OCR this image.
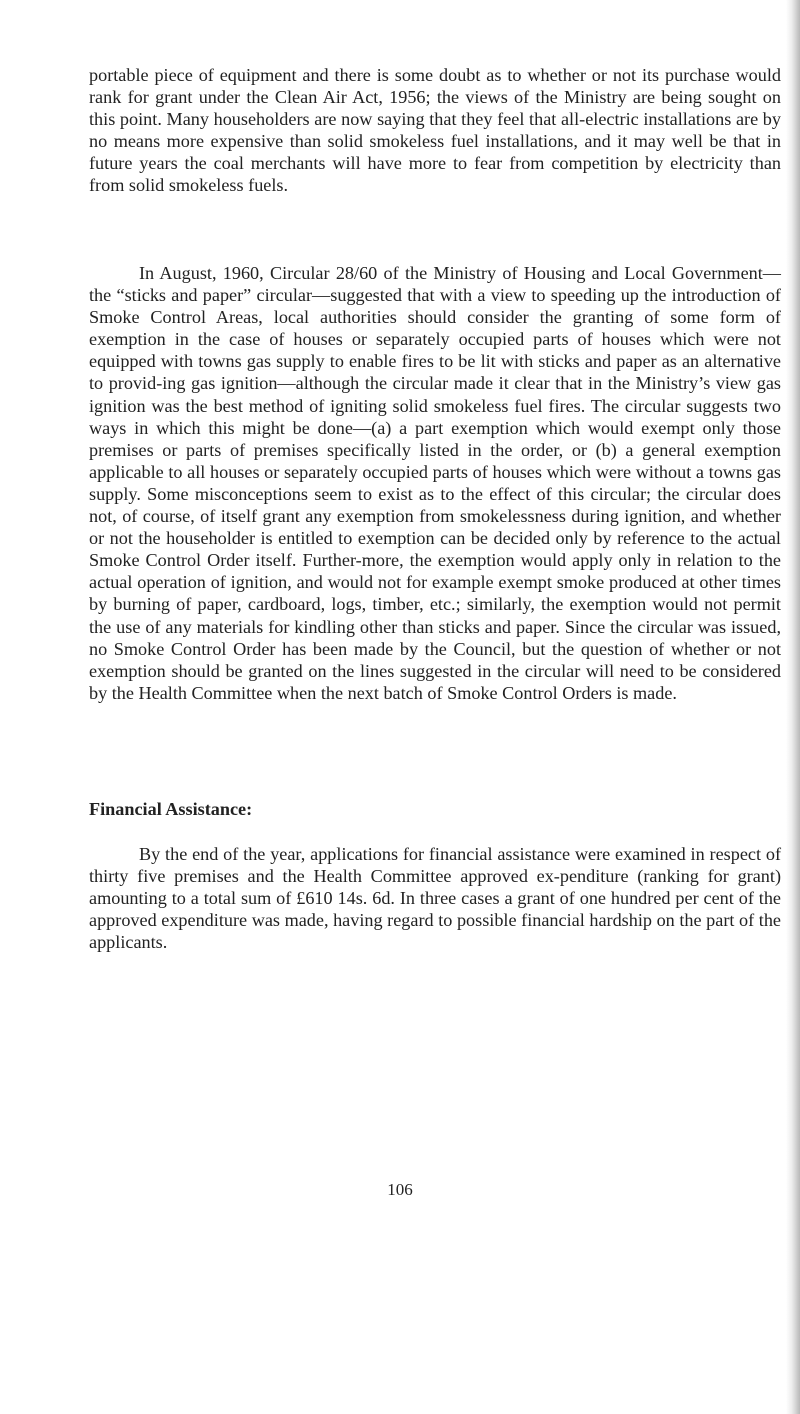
portable piece of equipment and there is some doubt as to whether or not its purchase would rank for grant under the Clean Air Act, 1956; the views of the Ministry are being sought on this point. Many householders are now saying that they feel that all-electric installations are by no means more expensive than solid smokeless fuel installations, and it may well be that in future years the coal merchants will have more to fear from competition by electricity than from solid smokeless fuels.

In August, 1960, Circular 28/60 of the Ministry of Housing and Local Government—the “sticks and paper” circular—suggested that with a view to speeding up the introduction of Smoke Control Areas, local authorities should consider the granting of some form of exemption in the case of houses or separately occupied parts of houses which were not equipped with towns gas supply to enable fires to be lit with sticks and paper as an alternative to provid-ing gas ignition—although the circular made it clear that in the Ministry’s view gas ignition was the best method of igniting solid smokeless fuel fires. The circular suggests two ways in which this might be done—(a) a part exemption which would exempt only those premises or parts of premises specifically listed in the order, or (b) a general exemption applicable to all houses or separately occupied parts of houses which were without a towns gas supply. Some misconceptions seem to exist as to the effect of this circular; the circular does not, of course, of itself grant any exemption from smokelessness during ignition, and whether or not the householder is entitled to exemption can be decided only by reference to the actual Smoke Control Order itself. Further-more, the exemption would apply only in relation to the actual operation of ignition, and would not for example exempt smoke produced at other times by burning of paper, cardboard, logs, timber, etc.; similarly, the exemption would not permit the use of any materials for kindling other than sticks and paper. Since the circular was issued, no Smoke Control Order has been made by the Council, but the question of whether or not exemption should be granted on the lines suggested in the circular will need to be considered by the Health Committee when the next batch of Smoke Control Orders is made.

Financial Assistance:

By the end of the year, applications for financial assistance were examined in respect of thirty five premises and the Health Committee approved ex-penditure (ranking for grant) amounting to a total sum of £610 14s. 6d. In three cases a grant of one hundred per cent of the approved expenditure was made, having regard to possible financial hardship on the part of the applicants.

106
